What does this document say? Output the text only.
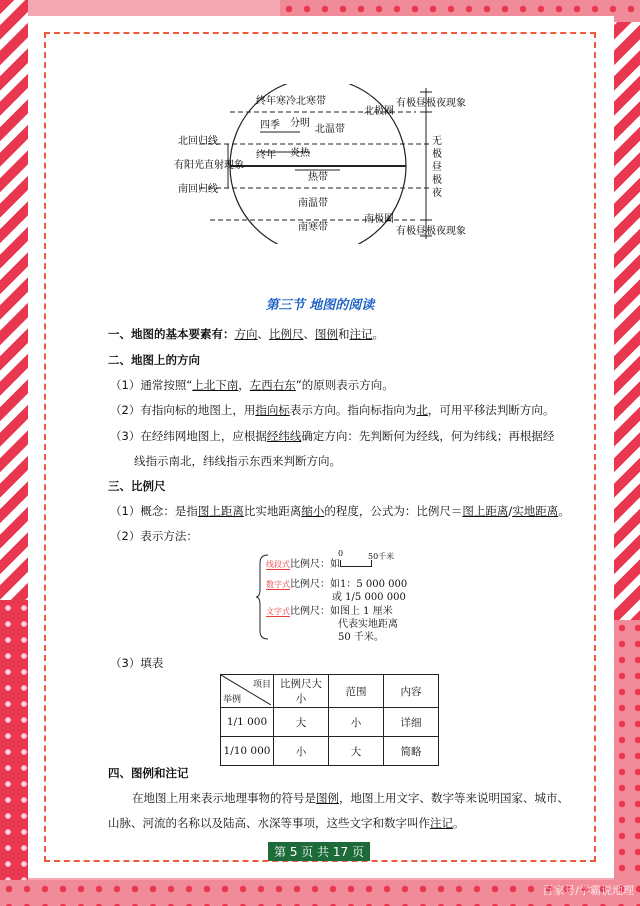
终年寒冷北寒带
四季 分明
北温带
北回归线
有阳光直射现象
南回归线
终年 炎热
热带
南温带
南寒带
北极圈
南极圈
有极昼极夜现象
有极昼极夜现象
无极昼极夜
第三节 地图的阅读
一、地图的基本要素有：方向、比例尺、图例和注记。
二、地图上的方向
（1）通常按照“上北下南，左西右东”的原则表示方向。
（2）有指向标的地图上，用指向标表示方向。指向标指向为北，可用平移法判断方向。
（3）在经纬网地图上，应根据经纬线确定方向：先判断何为经线，何为纬线；再根据经
线指示南北，纬线指示东西来判断方向。
三、比例尺
（1）概念：是指图上距离比实地距离缩小的程度，公式为：比例尺＝图上距离/实地距离。
（2）表示方法：
线段式比例尺：如
0	$^{50千米}$
数字式比例尺：如1：5 000 000
或 1/5 000 000
文字式比例尺：如图上 1 厘米
代表实地距离
50 千米。
（3）填表
项目
举例	比例尺大小	范围	内容
1/1 000	大	小	详细
1/10 000	小	大	简略
四、图例和注记
在地图上用来表示地理事物的符号是图例，地图上用文字、数字等来说明国家、城市、
山脉、河流的名称以及陆高、水深等事项，这些文字和数字叫作注记。
第 5 页 共 17 页
百家号/学霸说地理
